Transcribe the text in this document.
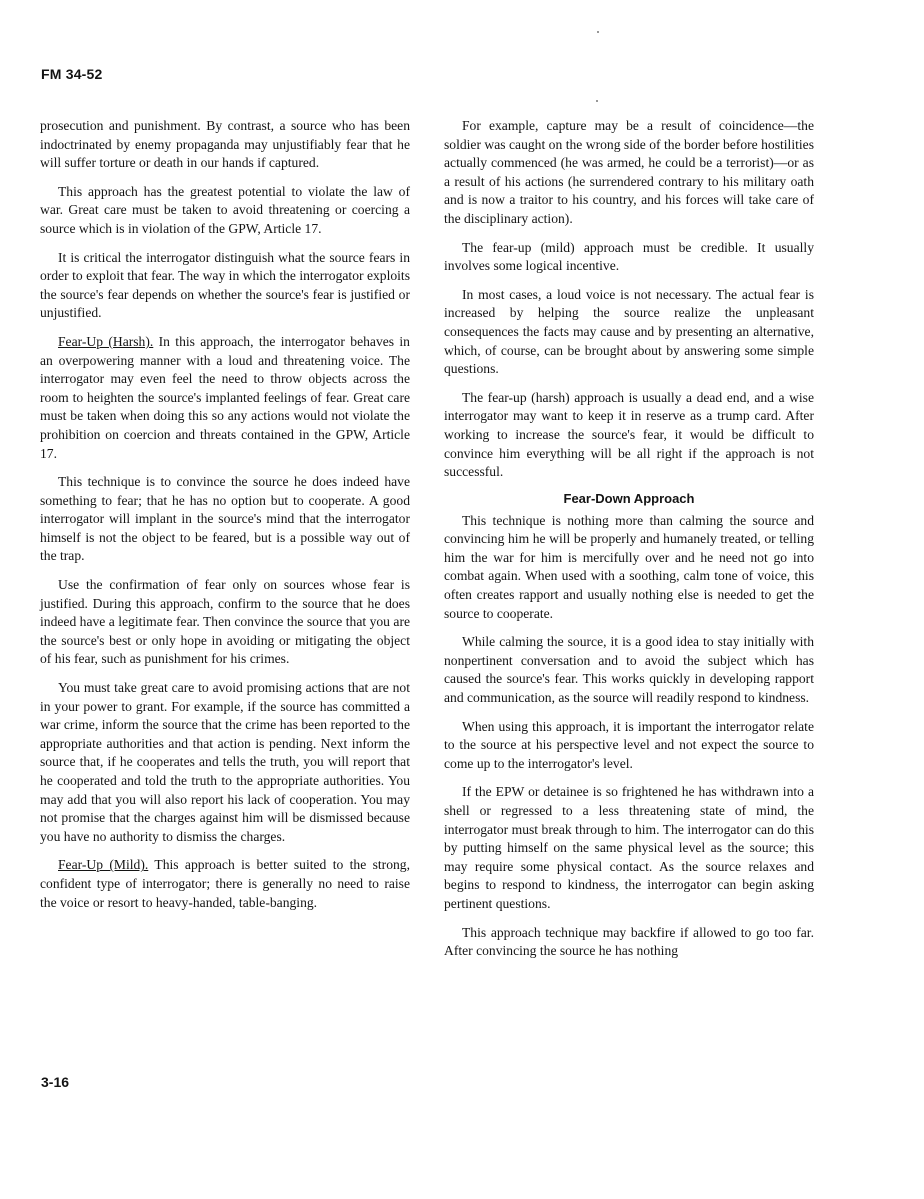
FM 34-52

prosecution and punishment. By contrast, a source who has been indoctrinated by enemy propaganda may unjustifiably fear that he will suffer torture or death in our hands if captured.

This approach has the greatest potential to violate the law of war. Great care must be taken to avoid threatening or coercing a source which is in violation of the GPW, Article 17.

It is critical the interrogator distinguish what the source fears in order to exploit that fear. The way in which the interrogator exploits the source's fear depends on whether the source's fear is justified or unjustified.

Fear-Up (Harsh). In this approach, the interrogator behaves in an overpowering manner with a loud and threatening voice. The interrogator may even feel the need to throw objects across the room to heighten the source's implanted feelings of fear. Great care must be taken when doing this so any actions would not violate the prohibition on coercion and threats contained in the GPW, Article 17.

This technique is to convince the source he does indeed have something to fear; that he has no option but to cooperate. A good interrogator will implant in the source's mind that the interrogator himself is not the object to be feared, but is a possible way out of the trap.

Use the confirmation of fear only on sources whose fear is justified. During this approach, confirm to the source that he does indeed have a legitimate fear. Then convince the source that you are the source's best or only hope in avoiding or mitigating the object of his fear, such as punishment for his crimes.

You must take great care to avoid promising actions that are not in your power to grant. For example, if the source has committed a war crime, inform the source that the crime has been reported to the appropriate authorities and that action is pending. Next inform the source that, if he cooperates and tells the truth, you will report that he cooperated and told the truth to the appropriate authorities. You may add that you will also report his lack of cooperation. You may not promise that the charges against him will be dismissed because you have no authority to dismiss the charges.

Fear-Up (Mild). This approach is better suited to the strong, confident type of interrogator; there is generally no need to raise the voice or resort to heavy-handed, table-banging.

For example, capture may be a result of coincidence—the soldier was caught on the wrong side of the border before hostilities actually commenced (he was armed, he could be a terrorist)—or as a result of his actions (he surrendered contrary to his military oath and is now a traitor to his country, and his forces will take care of the disciplinary action).

The fear-up (mild) approach must be credible. It usually involves some logical incentive.

In most cases, a loud voice is not necessary. The actual fear is increased by helping the source realize the unpleasant consequences the facts may cause and by presenting an alternative, which, of course, can be brought about by answering some simple questions.

The fear-up (harsh) approach is usually a dead end, and a wise interrogator may want to keep it in reserve as a trump card. After working to increase the source's fear, it would be difficult to convince him everything will be all right if the approach is not successful.

Fear-Down Approach

This technique is nothing more than calming the source and convincing him he will be properly and humanely treated, or telling him the war for him is mercifully over and he need not go into combat again. When used with a soothing, calm tone of voice, this often creates rapport and usually nothing else is needed to get the source to cooperate.

While calming the source, it is a good idea to stay initially with nonpertinent conversation and to avoid the subject which has caused the source's fear. This works quickly in developing rapport and communication, as the source will readily respond to kindness.

When using this approach, it is important the interrogator relate to the source at his perspective level and not expect the source to come up to the interrogator's level.

If the EPW or detainee is so frightened he has withdrawn into a shell or regressed to a less threatening state of mind, the interrogator must break through to him. The interrogator can do this by putting himself on the same physical level as the source; this may require some physical contact. As the source relaxes and begins to respond to kindness, the interrogator can begin asking pertinent questions.

This approach technique may backfire if allowed to go too far. After convincing the source he has nothing

3-16
